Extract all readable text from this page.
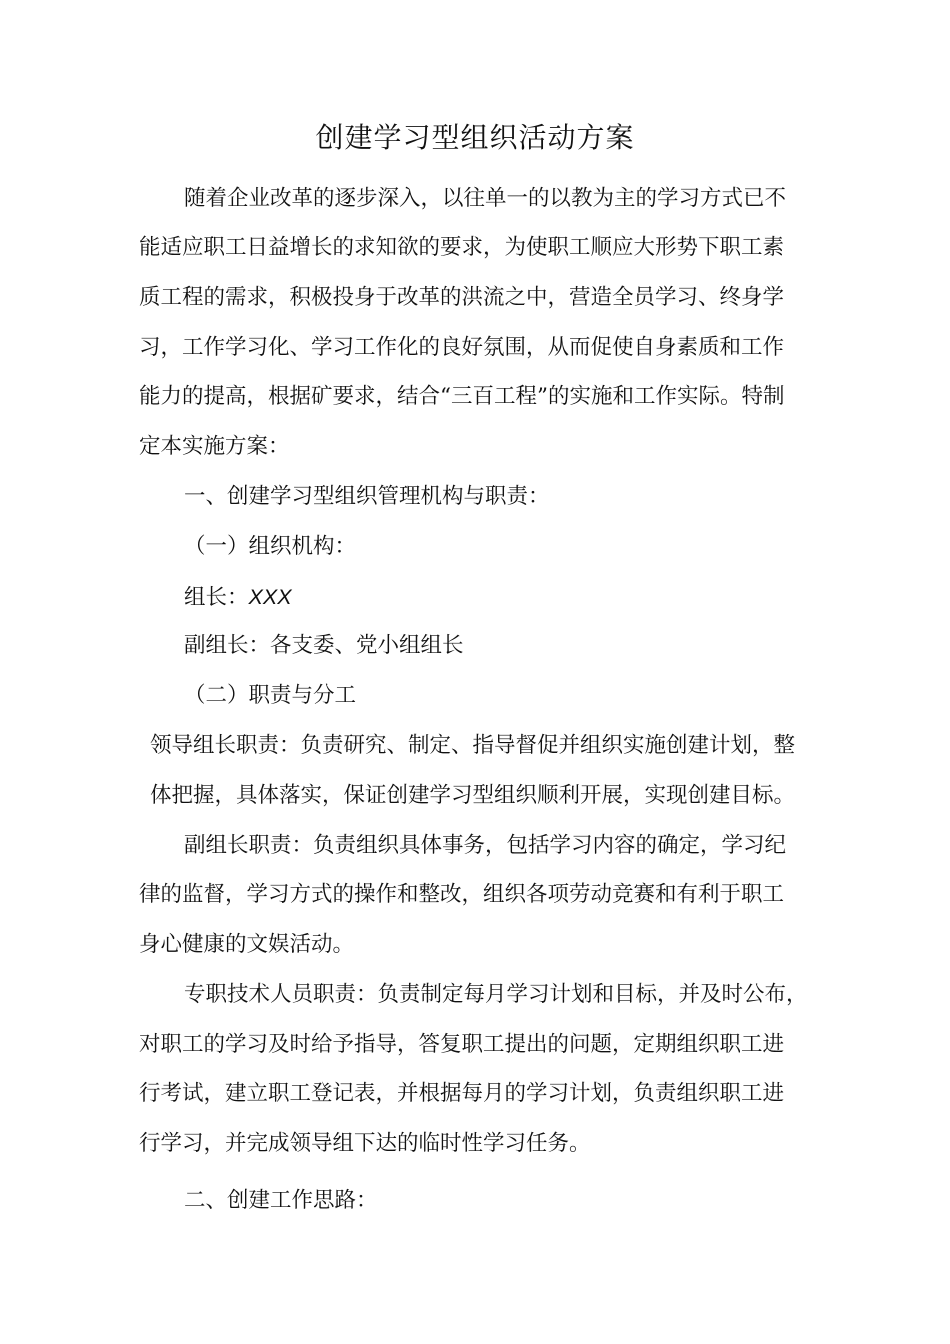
创建学习型组织活动方案

随着企业改革的逐步深入，以往单一的以教为主的学习方式已不

能适应职工日益增长的求知欲的要求，为使职工顺应大形势下职工素

质工程的需求，积极投身于改革的洪流之中，营造全员学习、终身学

习，工作学习化、学习工作化的良好氛围，从而促使自身素质和工作

能力的提高，根据矿要求，结合“三百工程”的实施和工作实际。特制

定本实施方案：

一、创建学习型组织管理机构与职责：

（一）组织机构：

组长：XXX

副组长：各支委、党小组组长

（二）职责与分工

领导组长职责：负责研究、制定、指导督促并组织实施创建计划，整

体把握，具体落实，保证创建学习型组织顺利开展，实现创建目标。

副组长职责：负责组织具体事务，包括学习内容的确定，学习纪

律的监督，学习方式的操作和整改，组织各项劳动竞赛和有利于职工

身心健康的文娱活动。

专职技术人员职责：负责制定每月学习计划和目标，并及时公布，

对职工的学习及时给予指导，答复职工提出的问题，定期组织职工进

行考试，建立职工登记表，并根据每月的学习计划，负责组织职工进

行学习，并完成领导组下达的临时性学习任务。

二、创建工作思路：
